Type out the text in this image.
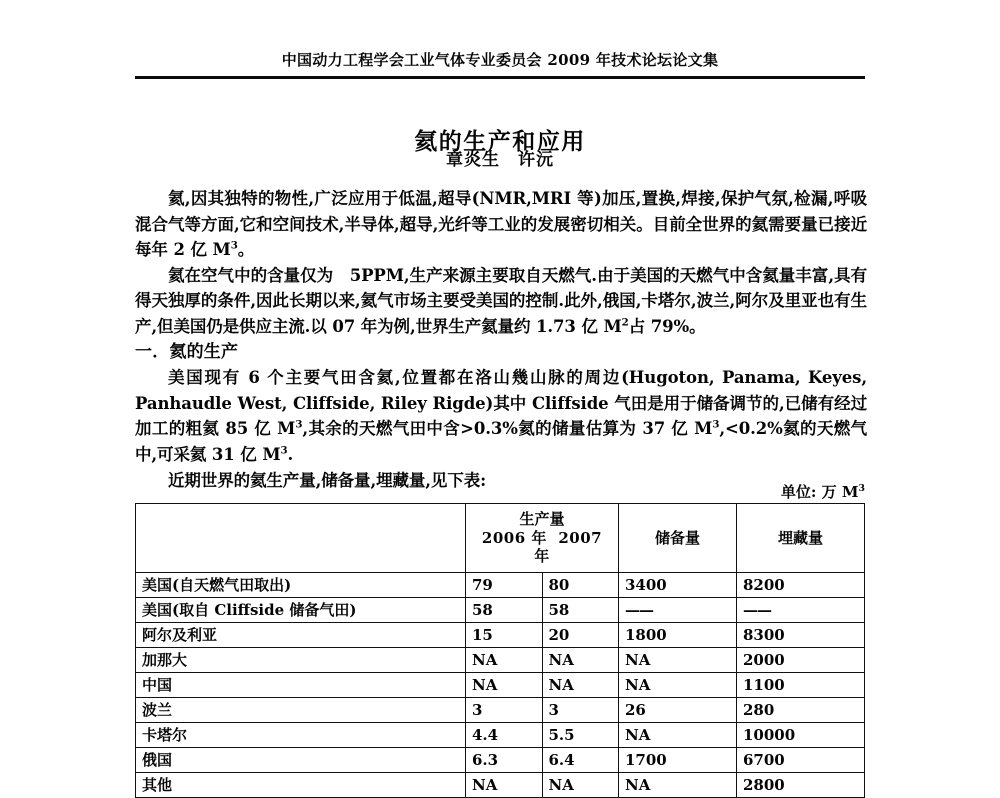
中国动力工程学会工业气体专业委员会 2009 年技术论坛论文集
氦的生产和应用
章炎生　许沅

氦,因其独特的物性,广泛应用于低温,超导(NMR,MRI 等)加压,置换,焊接,保护气氛,检漏,呼吸混合气等方面,它和空间技术,半导体,超导,光纤等工业的发展密切相关。目前全世界的氦需要量已接近每年 2 亿 $M^3$。

氦在空气中的含量仅为　5PPM,生产来源主要取自天燃气.由于美国的天燃气中含氦量丰富,具有得天独厚的条件,因此长期以来,氦气市场主要受美国的控制.此外,俄国,卡塔尔,波兰,阿尔及里亚也有生产,但美国仍是供应主流.以 07 年为例,世界生产氦量约 1.73 亿 $M^2$占 79%。

一．氦的生产

美国现有 6 个主要气田含氦,位置都在洛山幾山脉的周边(Hugoton, Panama, Keyes, Panhaudle West, Cliffside, Riley Rigde)其中 Cliffside 气田是用于储备调节的,已储有经过加工的粗氦 85 亿 $M^3$,其余的天燃气田中含>0.3%氦的储量估算为 37 亿 $M^3,<0.2\%$氦的天燃气中,可采氦 31 亿 $M^3$.

近期世界的氦生产量,储备量,埋藏量,见下表:

单位: 万 $M^3$

	生产量
2006 年 2007 年		储备量	埋藏量
美国(自天燃气田取出)	79	80	3400	8200
美国(取自 Cliffside 储备气田)	58	58	——	——
阿尔及利亚	15	20	1800	8300
加那大	NA	NA	NA	2000
中国	NA	NA	NA	1100
波兰	3	3	26	280
卡塔尔	4.4	5.5	NA	10000
俄国	6.3	6.4	1700	6700
其他	NA	NA	NA	2800
